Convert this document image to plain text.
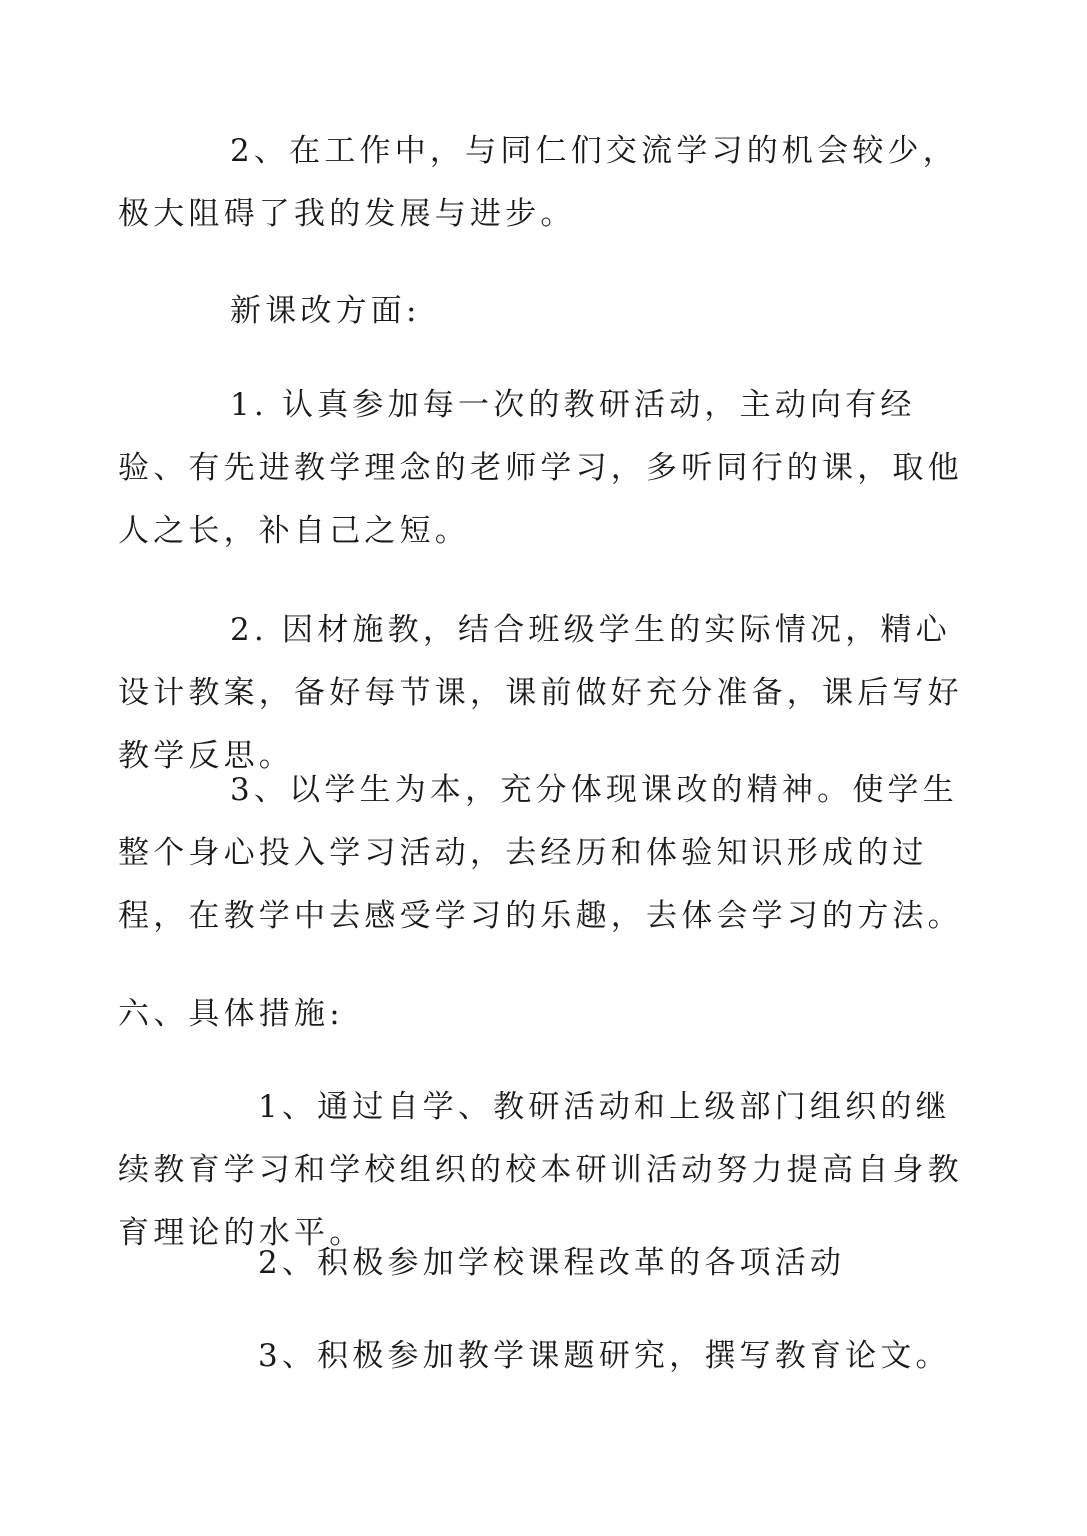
2、在工作中，与同仁们交流学习的机会较少，极大阻碍了我的发展与进步。

新课改方面:

1. 认真参加每一次的教研活动，主动向有经验、有先进教学理念的老师学习，多听同行的课，取他人之长，补自己之短。

2. 因材施教，结合班级学生的实际情况，精心设计教案，备好每节课，课前做好充分准备，课后写好教学反思。

3、以学生为本，充分体现课改的精神。使学生整个身心投入学习活动，去经历和体验知识形成的过程，在教学中去感受学习的乐趣，去体会学习的方法。

六、具体措施:

1、通过自学、教研活动和上级部门组织的继续教育学习和学校组织的校本研训活动努力提高自身教育理论的水平。

2、积极参加学校课程改革的各项活动

3、积极参加教学课题研究，撰写教育论文。
